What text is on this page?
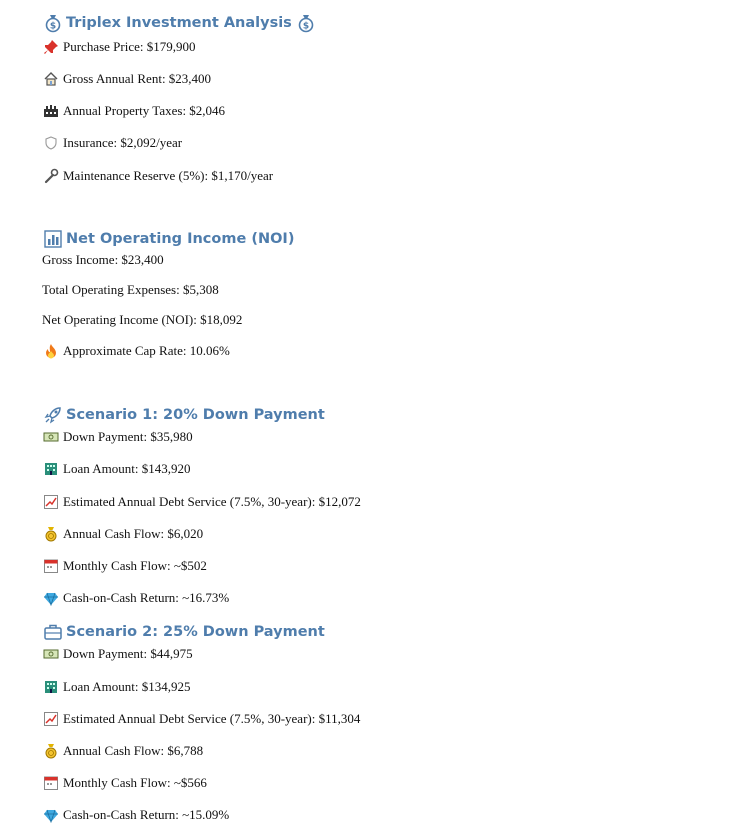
$ Triplex Investment Analysis $
Purchase Price: $179,900
Gross Annual Rent: $23,400
Annual Property Taxes: $2,046
Insurance: $2,092/year
Maintenance Reserve (5%): $1,170/year
Net Operating Income (NOI)
Gross Income: $23,400
Total Operating Expenses: $5,308
Net Operating Income (NOI): $18,092
Approximate Cap Rate: 10.06%
Scenario 1: 20% Down Payment
Down Payment: $35,980
Loan Amount: $143,920
Estimated Annual Debt Service (7.5%, 30-year): $12,072
Annual Cash Flow: $6,020
Monthly Cash Flow: ~$502
Cash-on-Cash Return: ~16.73%
Scenario 2: 25% Down Payment
Down Payment: $44,975
Loan Amount: $134,925
Estimated Annual Debt Service (7.5%, 30-year): $11,304
Annual Cash Flow: $6,788
Monthly Cash Flow: ~$566
Cash-on-Cash Return: ~15.09%
